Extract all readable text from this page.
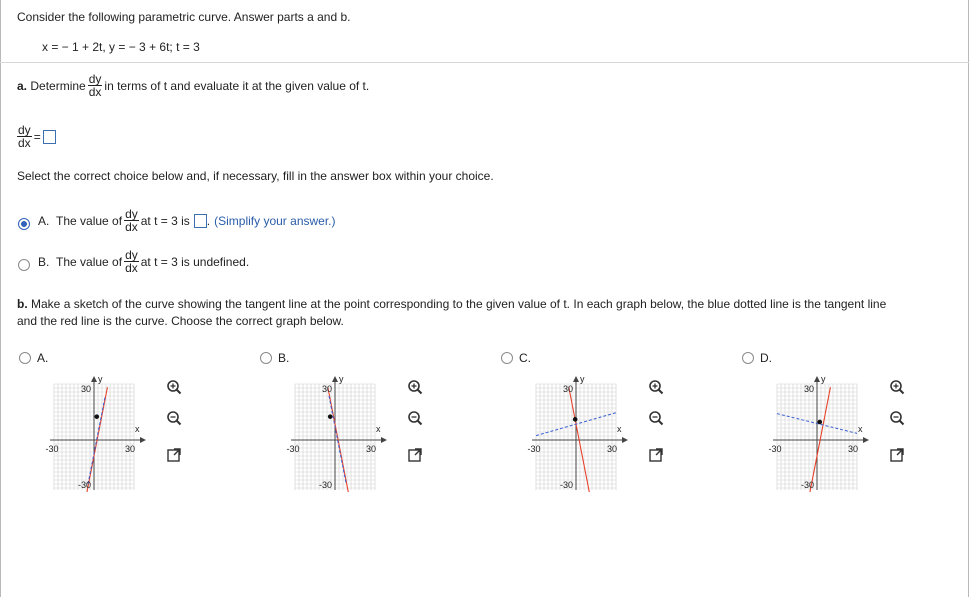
Consider the following parametric curve. Answer parts a and b.
x = − 1 + 2t, y = − 3 + 6t; t = 3
a.
Determine $\frac{dy}{dx}$ in terms of t and evaluate it at the given value of t.
$\frac{dy}{dx}$ =
Select the correct choice below and, if necessary, fill in the answer box within your choice.
A.
The value of $\frac{dy}{dx}$ at t = 3 is . (Simplify your answer.)
B.
The value of $\frac{dy}{dx}$ at t = 3 is undefined.
b. Make a sketch of the curve showing the tangent line at the point corresponding to the given value of t. In each graph below, the blue dotted line is the tangent line
and the red line is the curve. Choose the correct graph below.
A.
y
x
30
-30
-30	30
B.
y
x
30
-30
-30	30
C.
y
x
30
-30
-30	30
D.
y
x
30
-30
-30	30
